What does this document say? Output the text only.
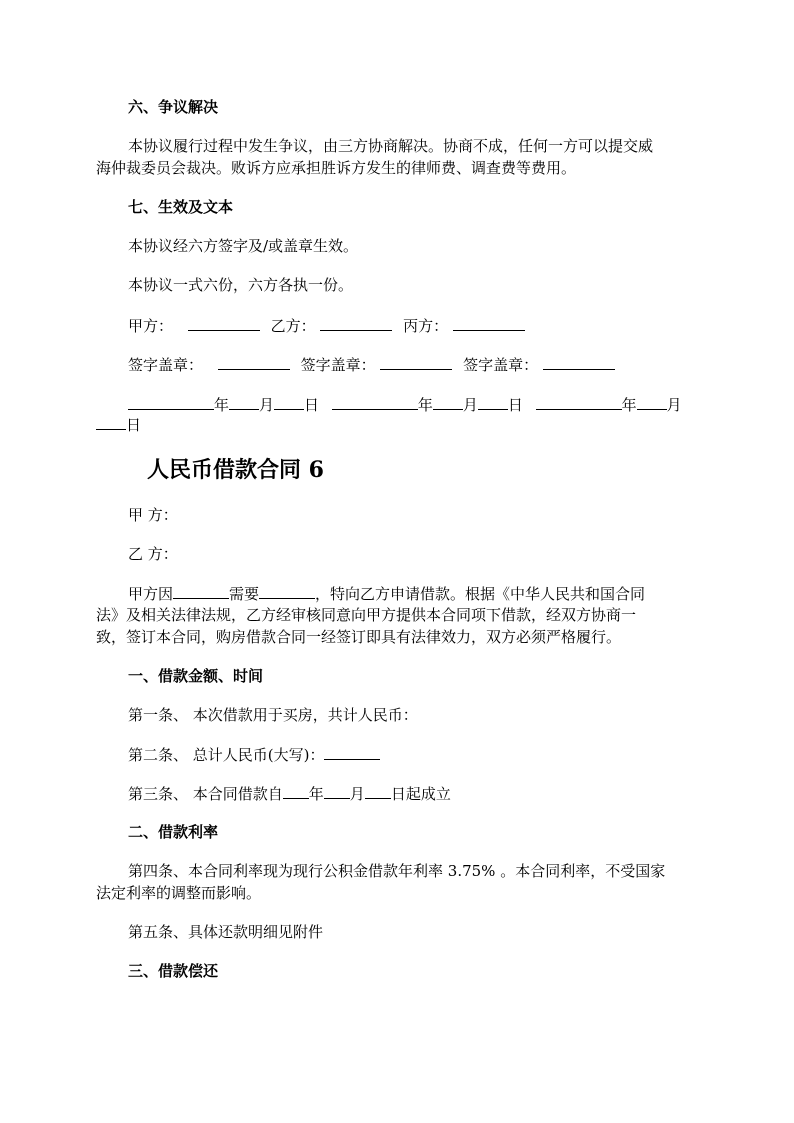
六、争议解决
本协议履行过程中发生争议，由三方协商解决。协商不成，任何一方可以提交威
海仲裁委员会裁决。败诉方应承担胜诉方发生的律师费、调查费等费用。
七、生效及文本
本协议经六方签字及/或盖章生效。
本协议一式六份，六方各执一份。
甲方：	乙方：	丙方：
签字盖章：	签字盖章：	签字盖章：
年 月 日	年 月 日	年 月
日
人民币借款合同 6
甲 方：
乙 方：
甲方因	需要	，特向乙方申请借款。根据《中华人民共和国合同
法》及相关法律法规，乙方经审核同意向甲方提供本合同项下借款，经双方协商一
致，签订本合同，购房借款合同一经签订即具有法律效力，双方必须严格履行。
一、借款金额、时间
第一条、 本次借款用于买房，共计人民币：
第二条、 总计人民币(大写)：
第三条、 本合同借款自 年 月 日起成立
二、借款利率
第四条、本合同利率现为现行公积金借款年利率 3.75% 。本合同利率，不受国家
法定利率的调整而影响。
第五条、具体还款明细见附件
三、借款偿还
